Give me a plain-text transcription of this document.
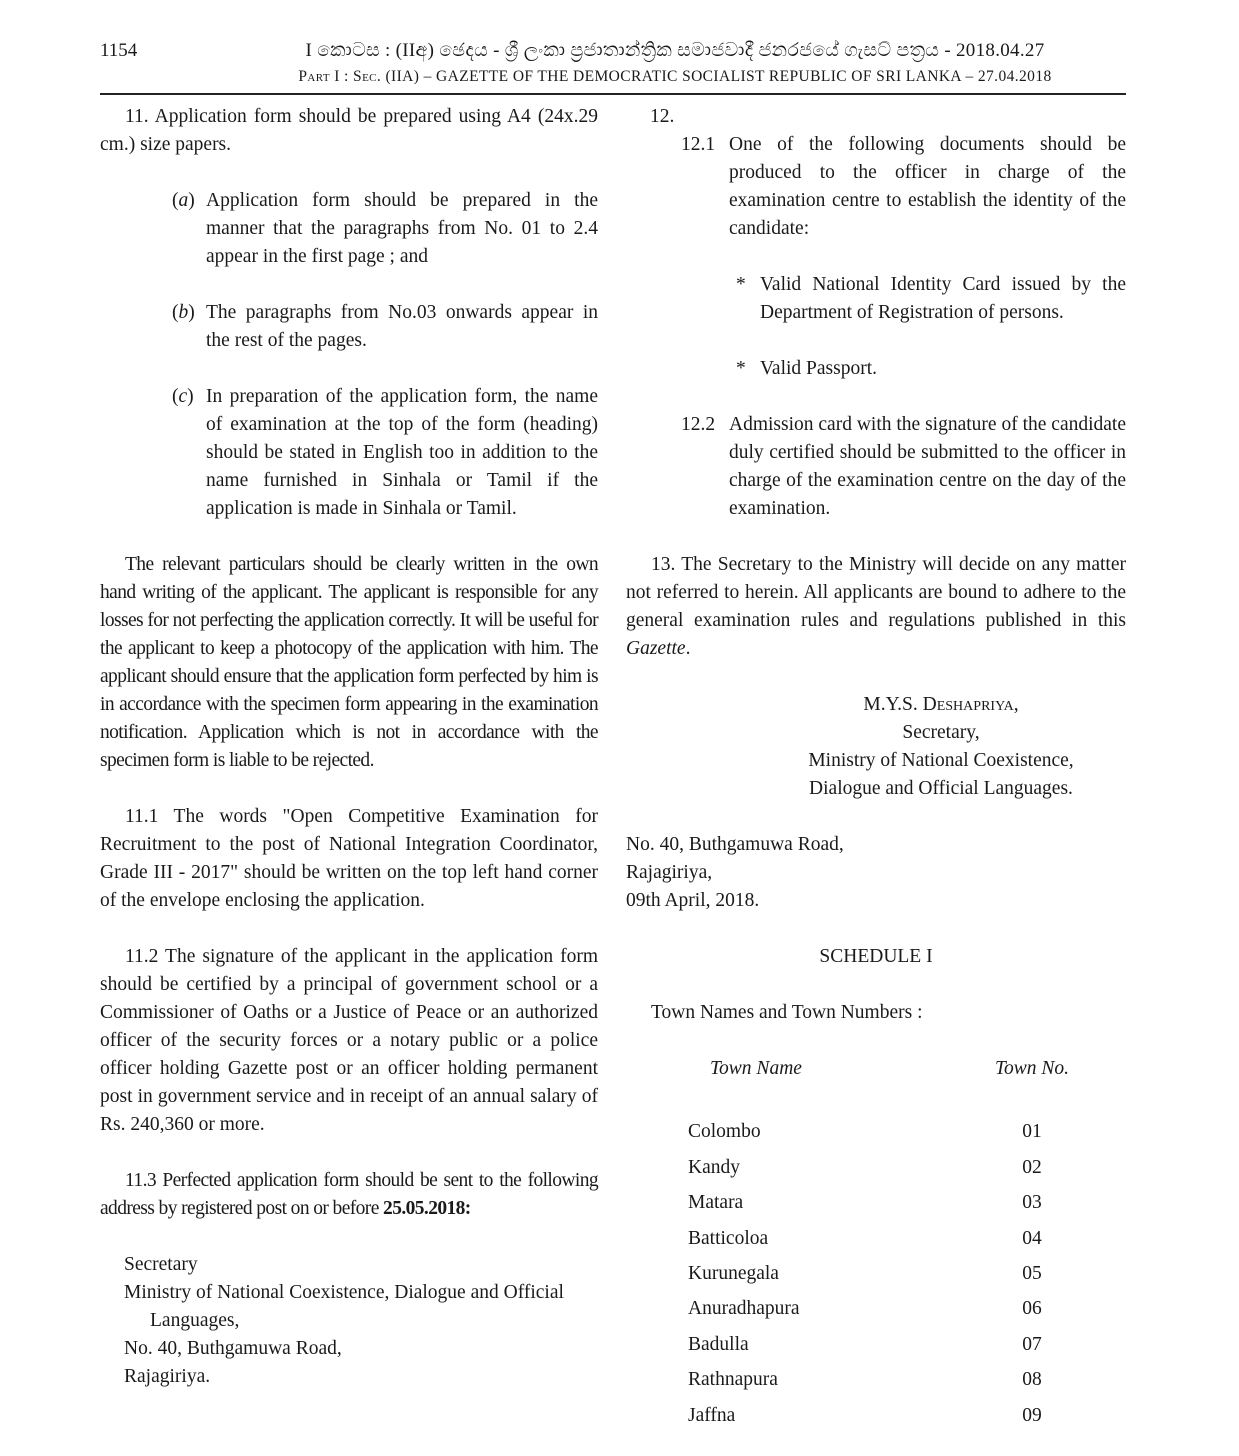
1154	I කොටස : (IIඅ) ඡෙදය - ශ්‍රී ලංකා ප්‍රජාතාන්ත්‍රික සමාජවාදී ජනරජයේ ගැසට් පත්‍රය - 2018.04.27
Part I : Sec. (IIA) – GAZETTE OF THE DEMOCRATIC SOCIALIST REPUBLIC OF SRI LANKA – 27.04.2018

11. Application form should be prepared using A4 (24x.29 cm.) size papers.

(a) Application form should be prepared in the manner that the paragraphs from No. 01 to 2.4 appear in the first page ; and
(b) The paragraphs from No.03 onwards appear in the rest of the pages.
(c) In preparation of the application form, the name of examination at the top of the form (heading) should be stated in English too in addition to the name furnished in Sinhala or Tamil if the application is made in Sinhala or Tamil.

The relevant particulars should be clearly written in the own hand writing of the applicant. The applicant is responsible for any losses for not perfecting the application correctly. It will be useful for the applicant to keep a photocopy of the application with him. The applicant should ensure that the application form perfected by him is in accordance with the specimen form appearing in the examination notification. Application which is not in accordance with the specimen form is liable to be rejected.

11.1 The words "Open Competitive Examination for Recruitment to the post of National Integration Coordinator, Grade III - 2017" should be written on the top left hand corner of the envelope enclosing the application.

11.2 The signature of the applicant in the application form should be certified by a principal of government school or a Commissioner of Oaths or a Justice of Peace or an authorized officer of the security forces or a notary public or a police officer holding Gazette post or an officer holding permanent post in government service and in receipt of an annual salary of Rs. 240,360 or more.

11.3 Perfected application form should be sent to the following address by registered post on or before 25.05.2018:

Secretary
Ministry of National Coexistence, Dialogue and Official
Languages,
No. 40, Buthgamuwa Road,
Rajagiriya.

12.

12.1 One of the following documents should be produced to the officer in charge of the examination centre to establish the identity of the candidate:
* Valid National Identity Card issued by the Department of Registration of persons.
* Valid Passport.
12.2 Admission card with the signature of the candidate duly certified should be submitted to the officer in charge of the examination centre on the day of the examination.

13. The Secretary to the Ministry will decide on any matter not referred to herein. All applicants are bound to adhere to the general examination rules and regulations published in this Gazette.

M.Y.S. Deshapriya,
Secretary,
Ministry of National Coexistence,
Dialogue and Official Languages.
No. 40, Buthgamuwa Road,
Rajagiriya,
09th April, 2018.
SCHEDULE I
Town Names and Town Numbers :
Town Name	Town No.

Colombo	01
Kandy	02
Matara	03
Batticoloa	04
Kurunegala	05
Anuradhapura	06
Badulla	07
Rathnapura	08
Jaffna	09
